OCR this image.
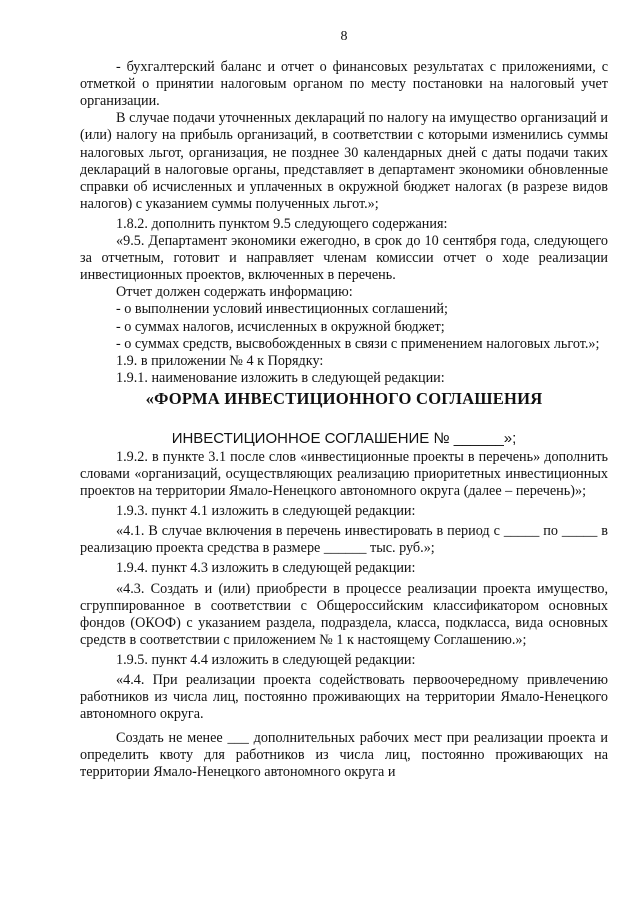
8

- бухгалтерский баланс и отчет о финансовых результатах с приложениями, с отметкой о принятии налоговым органом по месту постановки на налоговый учет организации.

В случае подачи уточненных деклараций по налогу на имущество организаций и (или) налогу на прибыль организаций, в соответствии с которыми изменились суммы налоговых льгот, организация, не позднее 30 календарных дней с даты подачи таких деклараций в налоговые органы, представляет в департамент экономики обновленные справки об исчисленных и уплаченных в окружной бюджет налогах (в разрезе видов налогов) с указанием суммы полученных льгот.»;

1.8.2. дополнить пунктом 9.5 следующего содержания:

«9.5. Департамент экономики ежегодно, в срок до 10 сентября года, следующего за отчетным, готовит и направляет членам комиссии отчет о ходе реализации инвестиционных проектов, включенных в перечень.

Отчет должен содержать информацию:

- о выполнении условий инвестиционных соглашений;

- о суммах налогов, исчисленных в окружной бюджет;

- о суммах средств, высвобожденных в связи с применением налоговых льгот.»;

1.9. в приложении № 4 к Порядку:

1.9.1. наименование изложить в следующей редакции:

«ФОРМА ИНВЕСТИЦИОННОГО СОГЛАШЕНИЯ
ИНВЕСТИЦИОННОЕ СОГЛАШЕНИЕ № ______»;

1.9.2. в пункте 3.1 после слов «инвестиционные проекты в перечень» дополнить словами «организаций, осуществляющих реализацию приоритетных инвестиционных проектов на территории Ямало-Ненецкого автономного округа (далее – перечень)»;

1.9.3. пункт 4.1 изложить в следующей редакции:

«4.1. В случае включения в перечень инвестировать в период с _____ по _____ в реализацию проекта средства в размере ______ тыс. руб.»;

1.9.4. пункт 4.3 изложить в следующей редакции:

«4.3. Создать и (или) приобрести в процессе реализации проекта имущество, сгруппированное в соответствии с Общероссийским классификатором основных фондов (ОКОФ) с указанием раздела, подраздела, класса, подкласса, вида основных средств в соответствии с приложением № 1 к настоящему Соглашению.»;

1.9.5. пункт 4.4 изложить в следующей редакции:

«4.4. При реализации проекта содействовать первоочередному привлечению работников из числа лиц, постоянно проживающих на территории Ямало-Ненецкого автономного округа.

Создать не менее ___ дополнительных рабочих мест при реализации проекта и определить квоту для работников из числа лиц, постоянно проживающих на территории Ямало-Ненецкого автономного округа и
